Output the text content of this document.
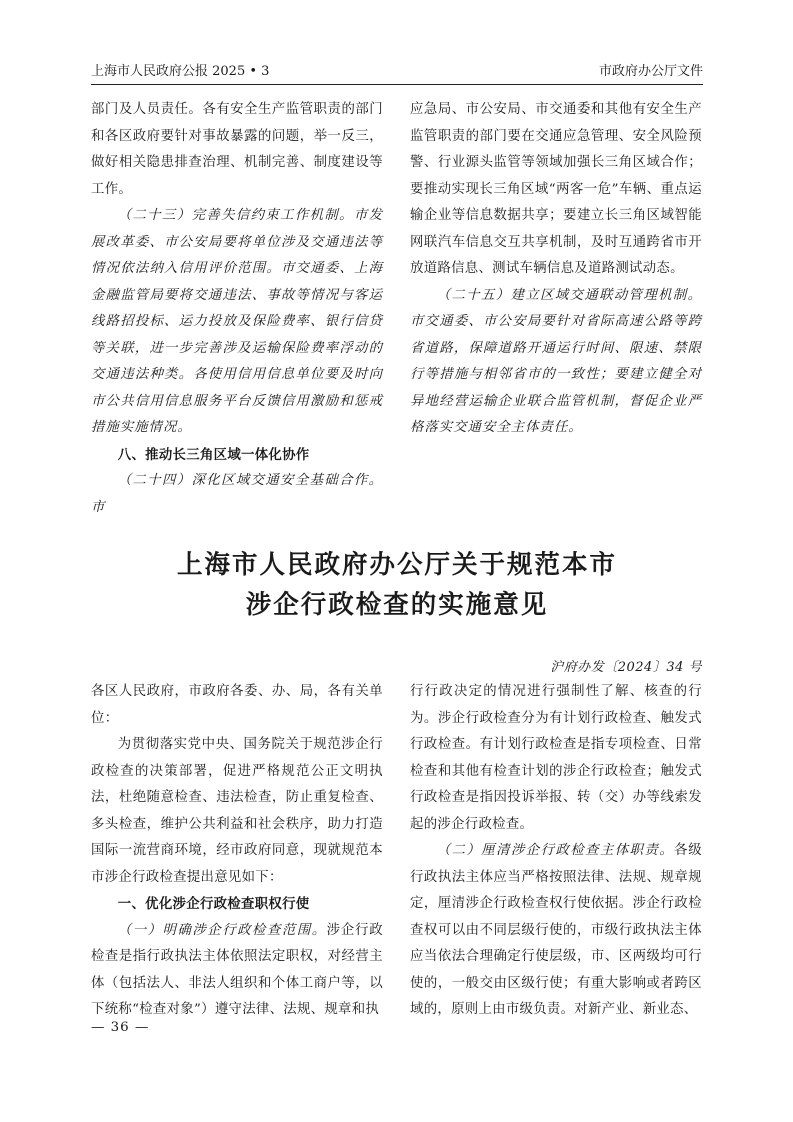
上海市人民政府公报 2025 • 3	市政府办公厅文件

部门及人员责任。各有安全生产监管职责的部门和各区政府要针对事故暴露的问题，举一反三，做好相关隐患排查治理、机制完善、制度建设等工作。

（二十三）完善失信约束工作机制。市发展改革委、市公安局要将单位涉及交通违法等情况依法纳入信用评价范围。市交通委、上海金融监管局要将交通违法、事故等情况与客运线路招投标、运力投放及保险费率、银行信贷等关联，进一步完善涉及运输保险费率浮动的交通违法种类。各使用信用信息单位要及时向市公共信用信息服务平台反馈信用激励和惩戒措施实施情况。

八、推动长三角区域一体化协作

（二十四）深化区域交通安全基础合作。市

应急局、市公安局、市交通委和其他有安全生产监管职责的部门要在交通应急管理、安全风险预警、行业源头监管等领域加强长三角区域合作；要推动实现长三角区域“两客一危”车辆、重点运输企业等信息数据共享；要建立长三角区域智能网联汽车信息交互共享机制，及时互通跨省市开放道路信息、测试车辆信息及道路测试动态。

（二十五）建立区域交通联动管理机制。市交通委、市公安局要针对省际高速公路等跨省道路，保障道路开通运行时间、限速、禁限行等措施与相邻省市的一致性；要建立健全对异地经营运输企业联合监管机制，督促企业严格落实交通安全主体责任。

上海市人民政府办公厅关于规范本市
涉企行政检查的实施意见
沪府办发〔2024〕34 号

各区人民政府，市政府各委、办、局，各有关单位：

为贯彻落实党中央、国务院关于规范涉企行政检查的决策部署，促进严格规范公正文明执法，杜绝随意检查、违法检查，防止重复检查、多头检查，维护公共利益和社会秩序，助力打造国际一流营商环境，经市政府同意，现就规范本市涉企行政检查提出意见如下：

一、优化涉企行政检查职权行使

（一）明确涉企行政检查范围。涉企行政检查是指行政执法主体依照法定职权，对经营主体（包括法人、非法人组织和个体工商户等，以下统称“检查对象”）遵守法律、法规、规章和执

行行政决定的情况进行强制性了解、核查的行为。涉企行政检查分为有计划行政检查、触发式行政检查。有计划行政检查是指专项检查、日常检查和其他有检查计划的涉企行政检查；触发式行政检查是指因投诉举报、转（交）办等线索发起的涉企行政检查。

（二）厘清涉企行政检查主体职责。各级行政执法主体应当严格按照法律、法规、规章规定，厘清涉企行政检查权行使依据。涉企行政检查权可以由不同层级行使的，市级行政执法主体应当依法合理确定行使层级，市、区两级均可行使的，一般交由区级行使；有重大影响或者跨区域的，原则上由市级负责。对新产业、新业态、

— 36 —
